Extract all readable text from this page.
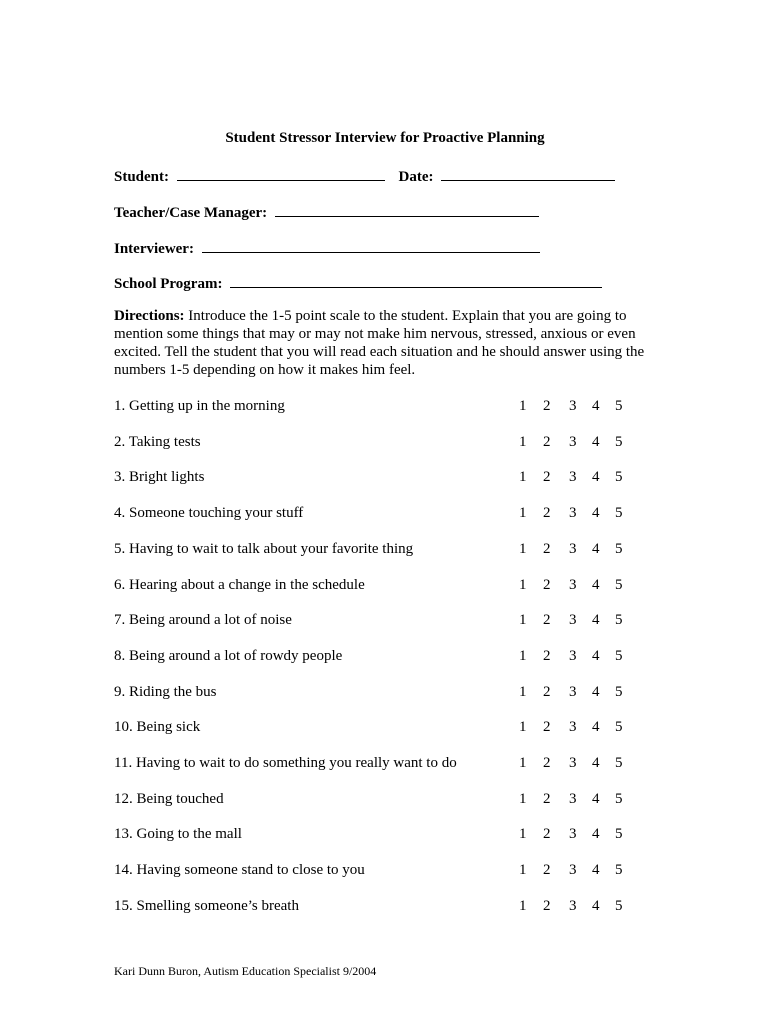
Student Stressor Interview for Proactive Planning
Student:	Date:
Teacher/Case Manager:
Interviewer:
School Program:
Directions: Introduce the 1-5 point scale to the student. Explain that you are going to mention some things that may or may not make him nervous, stressed, anxious or even excited. Tell the student that you will read each situation and he should answer using the numbers 1-5 depending on how it makes him feel.
1. Getting up in the morning	1 2 3 4 5
2. Taking tests	1 2 3 4 5
3. Bright lights	1 2 3 4 5
4. Someone touching your stuff	1 2 3 4 5
5. Having to wait to talk about your favorite thing	1 2 3 4 5
6. Hearing about a change in the schedule	1 2 3 4 5
7. Being around a lot of noise	1 2 3 4 5
8. Being around a lot of rowdy people	1 2 3 4 5
9. Riding the bus	1 2 3 4 5
10. Being sick	1 2 3 4 5
11. Having to wait to do something you really want to do	1 2 3 4 5
12. Being touched	1 2 3 4 5
13. Going to the mall	1 2 3 4 5
14. Having someone stand to close to you	1 2 3 4 5
15. Smelling someone’s breath	1 2 3 4 5
Kari Dunn Buron, Autism Education Specialist 9/2004
